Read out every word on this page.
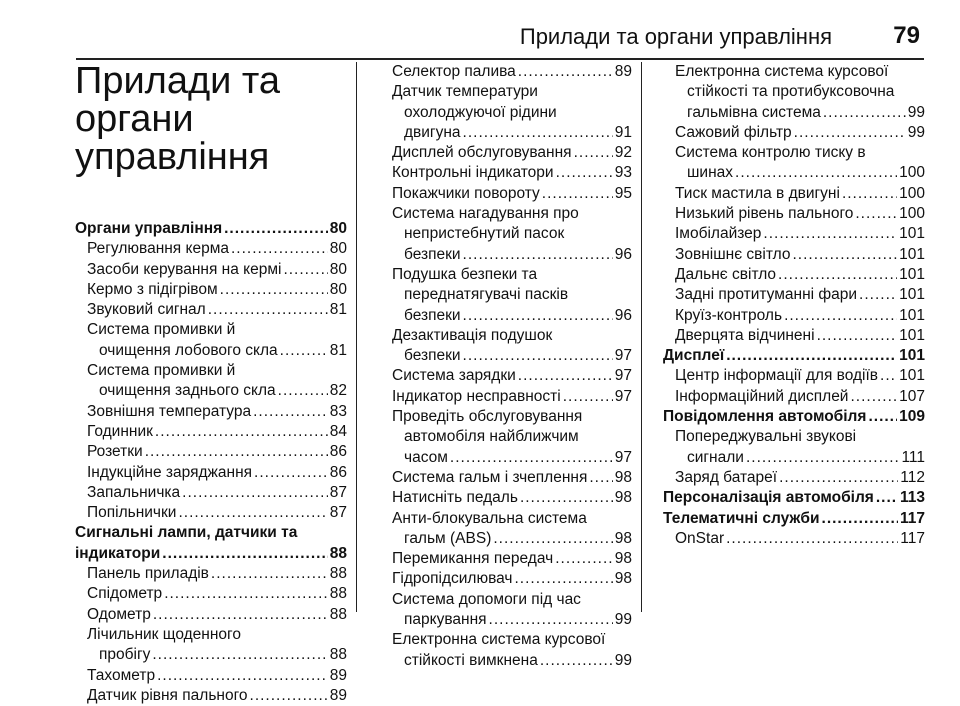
Прилади та органи управління	79
Прилади та органи
управління
Органи управління .....	80
Регулювання керма .....	80
Засоби керування на кермі .....	80
Кермо з підігрівом .....	80
Звуковий сигнал .....	81
Система промивки й
очищення лобового скла .....	81
Система промивки й
очищення заднього скла .....	82
Зовнішня температура .....	83
Годинник .....	84
Розетки .....	86
Індукційне заряджання .....	86
Запальничка .....	87
Попільнички .....	87
Сигнальні лампи, датчики та
індикатори .....	88
Панель приладів .....	88
Спідометр .....	88
Одометр .....	88
Лічильник щоденного
пробігу .....	88
Тахометр .....	89
Датчик рівня пального .....	89
Селектор палива .....	89
Датчик температури
охолоджуючої рідини
двигуна .....	91
Дисплей обслуговування .....	92
Контрольні індикатори .....	93
Покажчики повороту .....	95
Система нагадування про
непристебнутий пасок
безпеки .....	96
Подушка безпеки та
переднатягувачі пасків
безпеки .....	96
Дезактивація подушок
безпеки .....	97
Система зарядки .....	97
Індикатор несправності .....	97
Проведіть обслуговування
автомобіля найближчим
часом .....	97
Система гальм і зчеплення ..... 98
Натисніть педаль .....	98
Анти-блокувальна система
гальм (ABS) .....	98
Перемикання передач .....	98
Гідропідсилювач .....	98
Система допомоги під час
паркування .....	99
Електронна система курсової
стійкості вимкнена .....	99
Електронна система курсової
стійкості та протибуксовочна
гальмівна система .....	99
Сажовий фільтр .....	99
Система контролю тиску в
шинах .....	100
Тиск мастила в двигуні .....	100
Низький рівень пального .....	100
Імобілайзер .....	101
Зовнішнє світло .....	101
Дальнє світло .....	101
Задні протитуманні фари .....	101
Круїз-контроль .....	101
Дверцята відчинені .....	101
Дисплеї .....	101
Центр інформації для водіїв ..... 101
Інформаційний дисплей .....	107
Повідомлення автомобіля ..... 109
Попереджувальні звукові
сигнали .....	111
Заряд батареї .....	112
Персоналізація автомобіля ..... 113
Телематичні служби .....	117
OnStar .....	117
